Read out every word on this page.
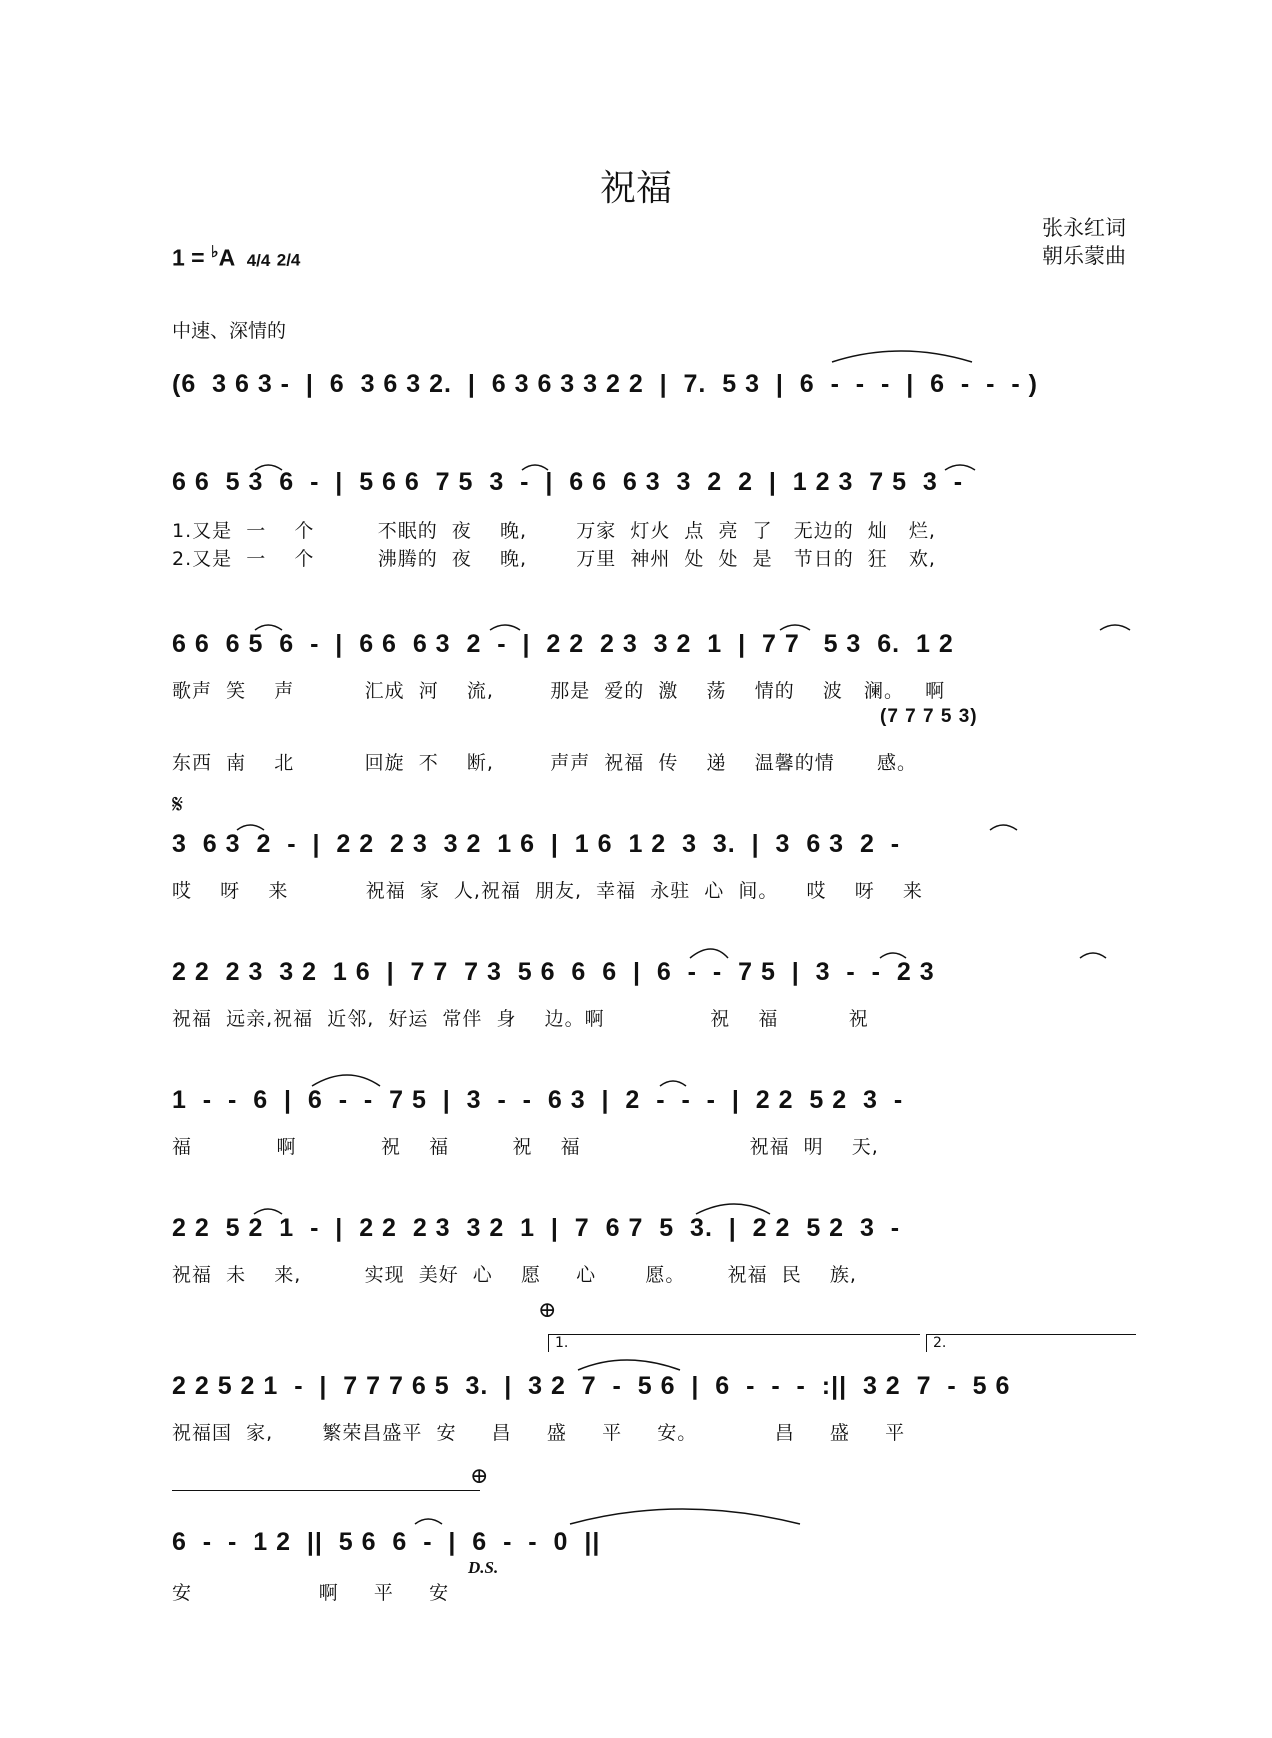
祝福
1 = ♭A 4/4 2/4
张永红词
朝乐蒙曲
中速、深情的
(6  3 6 3 -  |  6  3 6 3 2.  |  6 3 6 3 3 2 2  |  7.  5 3  |  6  -  -  -  |  6  -  -  - )
6 6  5 3  6  -  |  5 6 6  7 5  3  -  |  6 6  6 3  3  2  2  |  1 2 3  7 5  3  -
1.又是  一    个         不眠的  夜    晚,       万家  灯火  点  亮  了   无边的  灿   烂,
2.又是  一    个         沸腾的  夜    晚,       万里  神州  处  处  是   节日的  狂   欢,
6 6  6 5  6  -  |  6 6  6 3  2  -  |  2 2  2 3  3 2  1  |  7 7   5 3  6.  1 2
歌声  笑    声          汇成  河    流,        那是  爱的  激    荡    情的    波   澜。   啊
(7 7 7 5 3)
东西  南    北          回旋  不    断,        声声  祝福  传    递    温馨的情      感。
𝄋
3  6 3  2  -  |  2 2  2 3  3 2  1 6  |  1 6  1 2  3  3.  |  3  6 3  2  -
哎    呀    来           祝福  家  人,祝福  朋友,  幸福  永驻  心  间。    哎    呀    来
2 2  2 3  3 2  1 6  |  7 7  7 3  5 6  6  6  |  6  -  -  7 5  |  3  -  -  2 3
祝福  远亲,祝福  近邻,  好运  常伴  身    边。啊               祝    福          祝
1  -  -  6  |  6  -  -  7 5  |  3  -  -  6 3  |  2  -  -  -  |  2 2  5 2  3  -
福            啊            祝    福         祝    福                        祝福  明    天,
2 2  5 2  1  -  |  2 2  2 3  3 2  1  |  7  6 7  5  3.  |  2 2  5 2  3  -
祝福  未    来,         实现  美好  心    愿     心       愿。      祝福  民    族,
⊕
1.	2.
2 2 5 2 1  -  |  7 7 7 6 5  3.  |  3 2  7  -  5 6  |  6  -  -  -  :||  3 2  7  -  5 6
祝福国  家,       繁荣昌盛平  安     昌     盛     平     安。           昌     盛     平
⊕
6  -  -  1 2  ||  5 6  6  -  |  6  -  -  0  ||
D.S.
安                  啊     平     安
